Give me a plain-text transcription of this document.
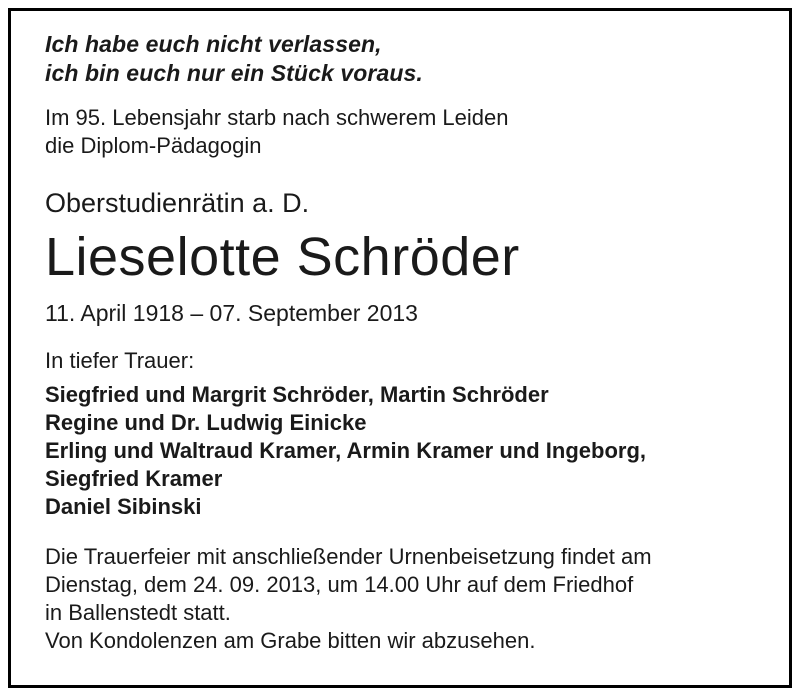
Ich habe euch nicht verlassen,
ich bin euch nur ein Stück voraus.

Im 95. Lebensjahr starb nach schwerem Leiden
die Diplom-Pädagogin

Oberstudienrätin a. D.

Lieselotte Schröder

11. April 1918 – 07. September 2013

In tiefer Trauer:

Siegfried und Margrit Schröder, Martin Schröder
Regine und Dr. Ludwig Einicke
Erling und Waltraud Kramer, Armin Kramer und Ingeborg,
Siegfried Kramer
Daniel Sibinski

Die Trauerfeier mit anschließender Urnenbeisetzung findet am
Dienstag, dem 24. 09. 2013, um 14.00 Uhr auf dem Friedhof
in Ballenstedt statt.
Von Kondolenzen am Grabe bitten wir abzusehen.
